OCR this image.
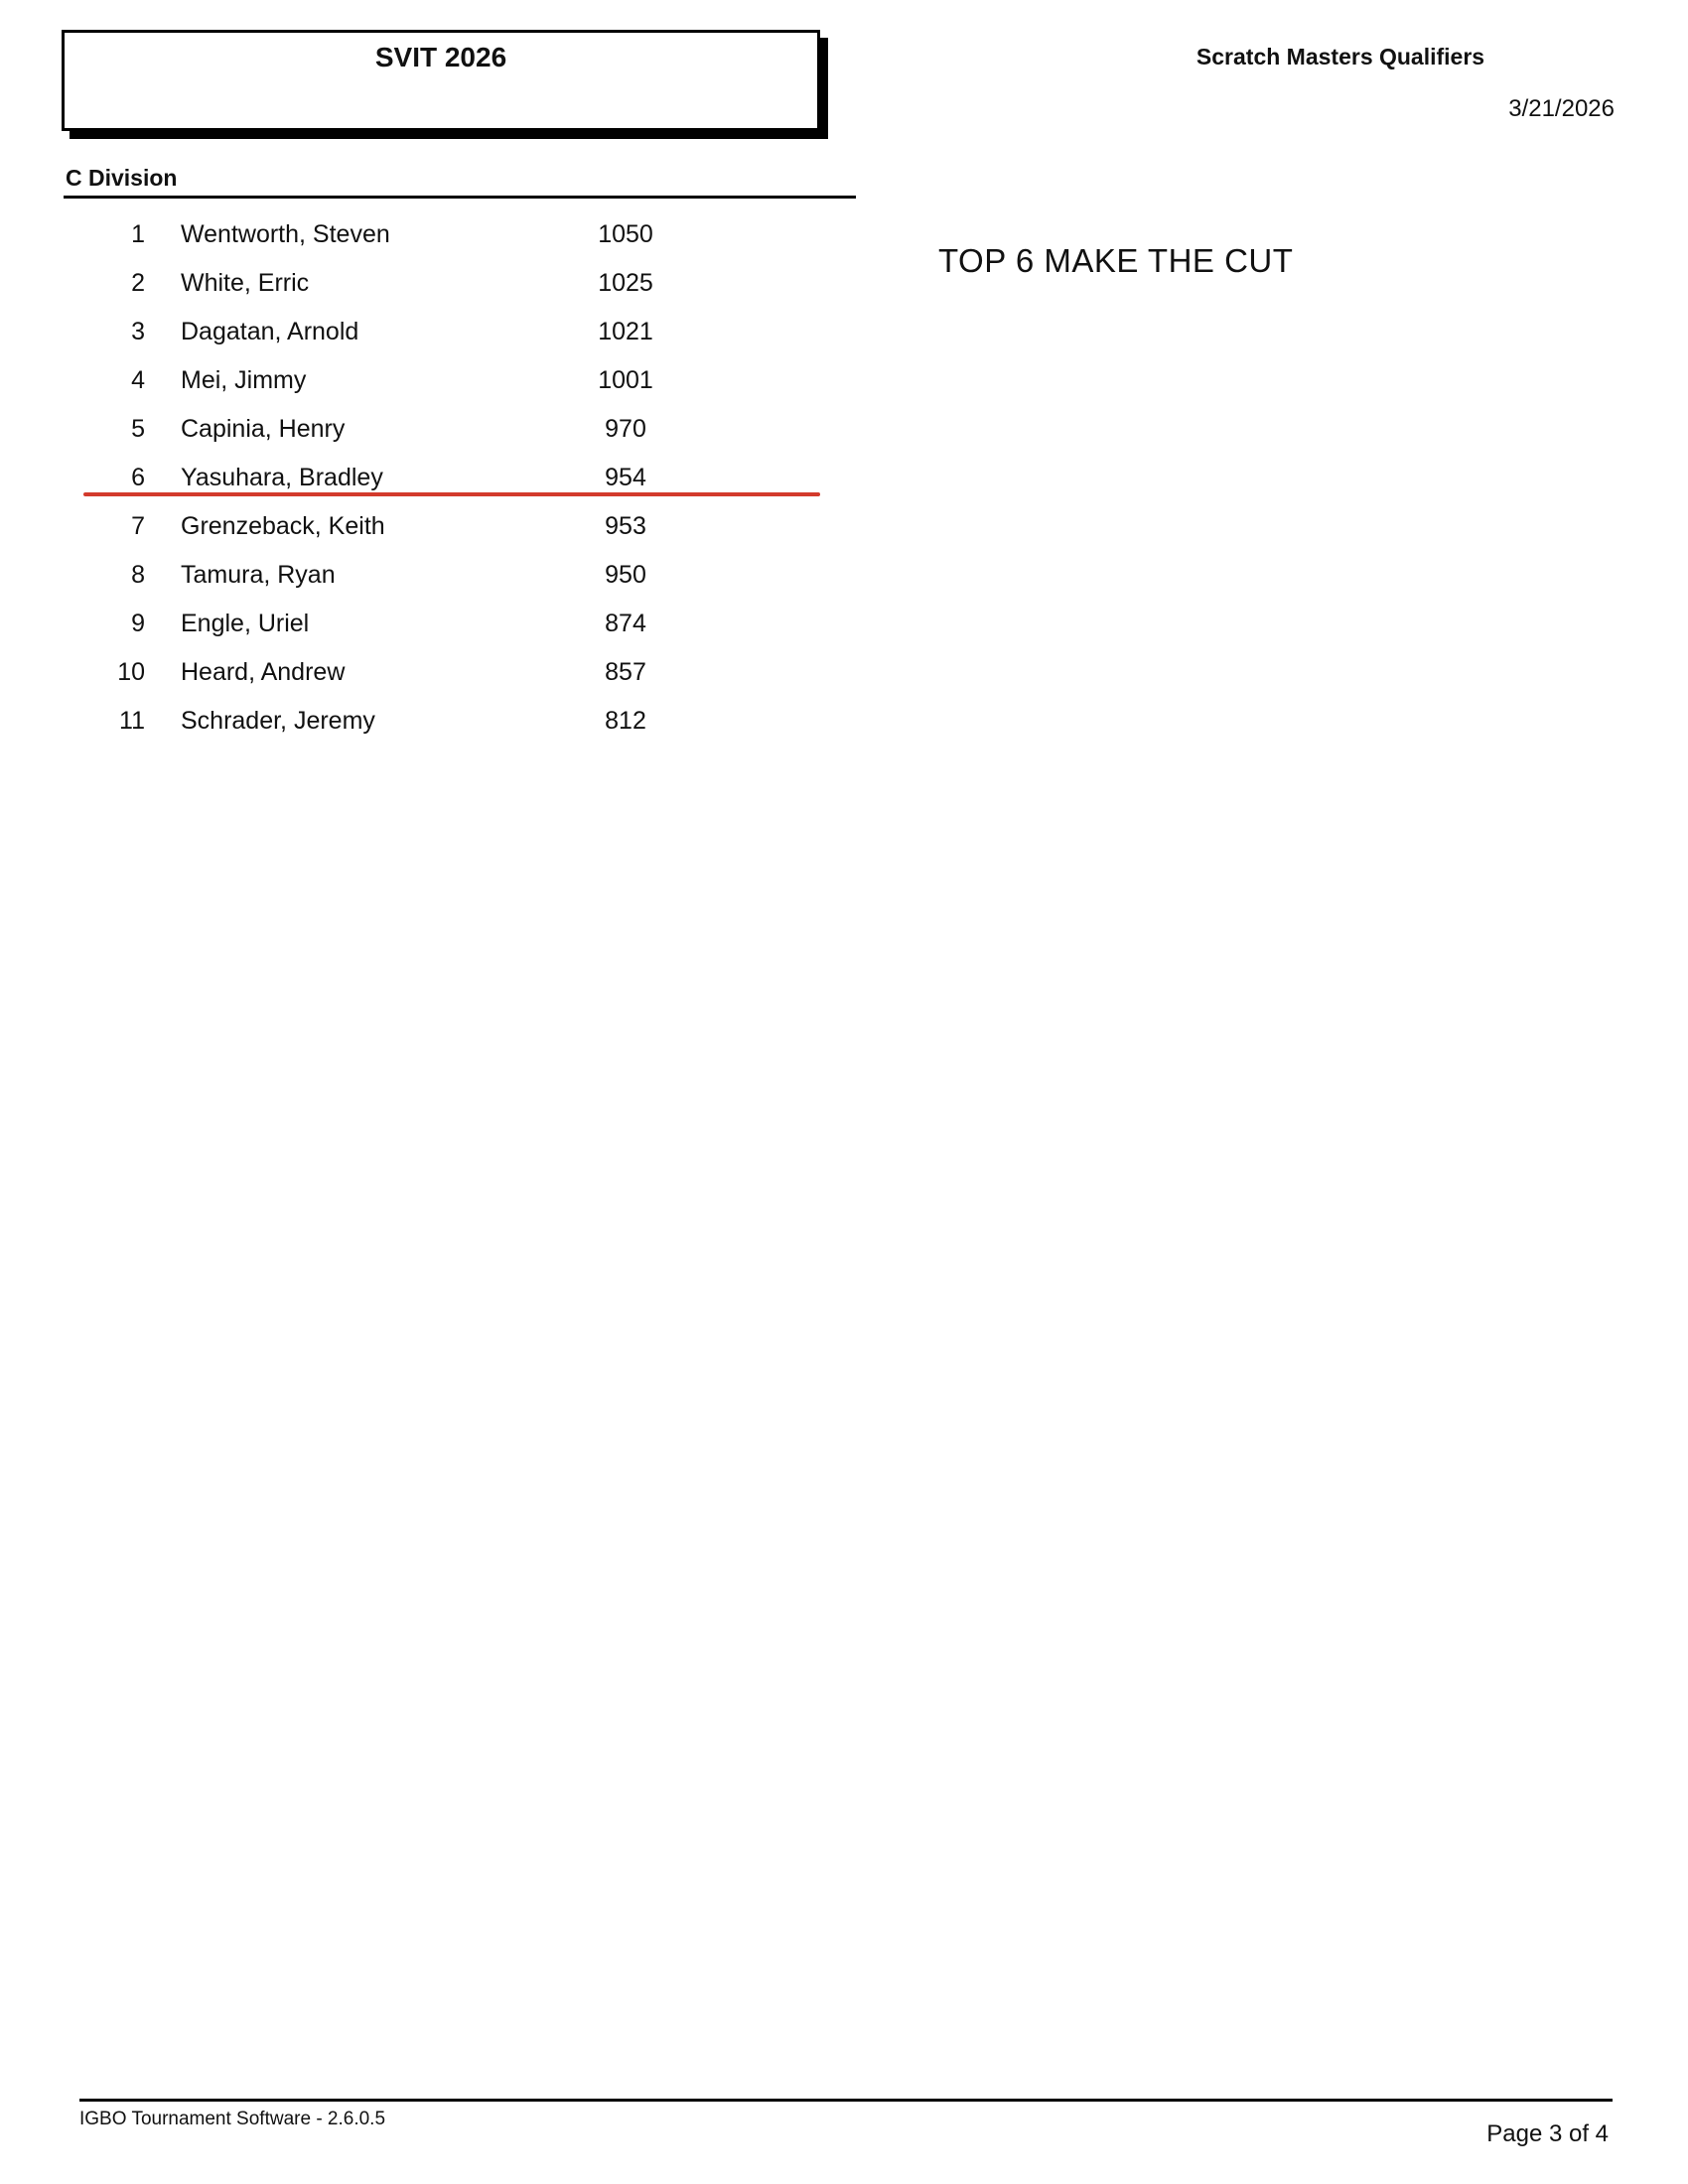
SVIT 2026	Scratch Masters Qualifiers
3/21/2026
C Division
1 Wentworth, Steven	1050
2 White, Erric	1025
3 Dagatan, Arnold	1021
4 Mei, Jimmy	1001
5 Capinia, Henry	970
6 Yasuhara, Bradley	954
7 Grenzeback, Keith	953
8 Tamura, Ryan	950
9 Engle, Uriel	874
10 Heard, Andrew	857
11 Schrader, Jeremy	812
TOP 6 MAKE THE CUT
IGBO Tournament Software - 2.6.0.5
Page 3 of 4
